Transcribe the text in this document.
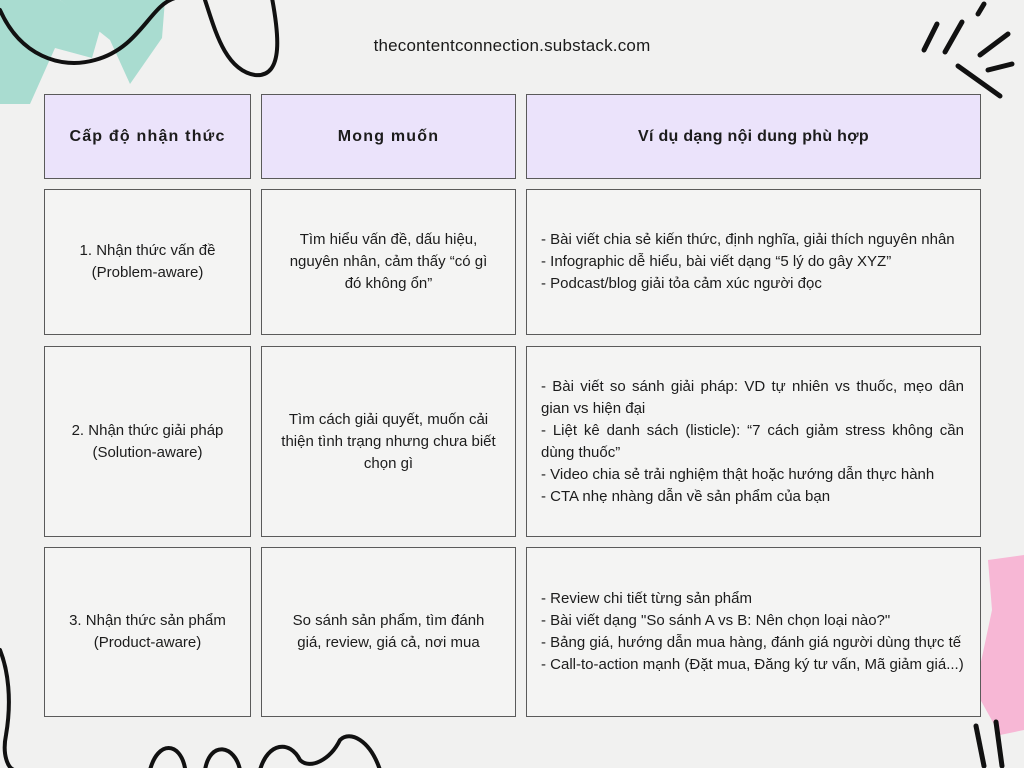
thecontentconnection.substack.com
Cấp độ nhận thức	Mong muốn	Ví dụ dạng nội dung phù hợp
1. Nhận thức vấn đề (Problem-aware)
Tìm hiểu vấn đề, dấu hiệu, nguyên nhân, cảm thấy “có gì đó không ổn”
- Bài viết chia sẻ kiến thức, định nghĩa, giải thích nguyên nhân
- Infographic dễ hiểu, bài viết dạng “5 lý do gây XYZ”
- Podcast/blog giải tỏa cảm xúc người đọc
2. Nhận thức giải pháp (Solution-aware)
Tìm cách giải quyết, muốn cải thiện tình trạng nhưng chưa biết chọn gì
- Bài viết so sánh giải pháp: VD tự nhiên vs thuốc, mẹo dân gian vs hiện đại
- Liệt kê danh sách (listicle): “7 cách giảm stress không cần dùng thuốc”
- Video chia sẻ trải nghiệm thật hoặc hướng dẫn thực hành
- CTA nhẹ nhàng dẫn về sản phẩm của bạn
3. Nhận thức sản phẩm (Product-aware)
So sánh sản phẩm, tìm đánh giá, review, giá cả, nơi mua
- Review chi tiết từng sản phẩm
- Bài viết dạng "So sánh A vs B: Nên chọn loại nào?"
- Bảng giá, hướng dẫn mua hàng, đánh giá người dùng thực tế
- Call-to-action mạnh (Đặt mua, Đăng ký tư vấn, Mã giảm giá...)
